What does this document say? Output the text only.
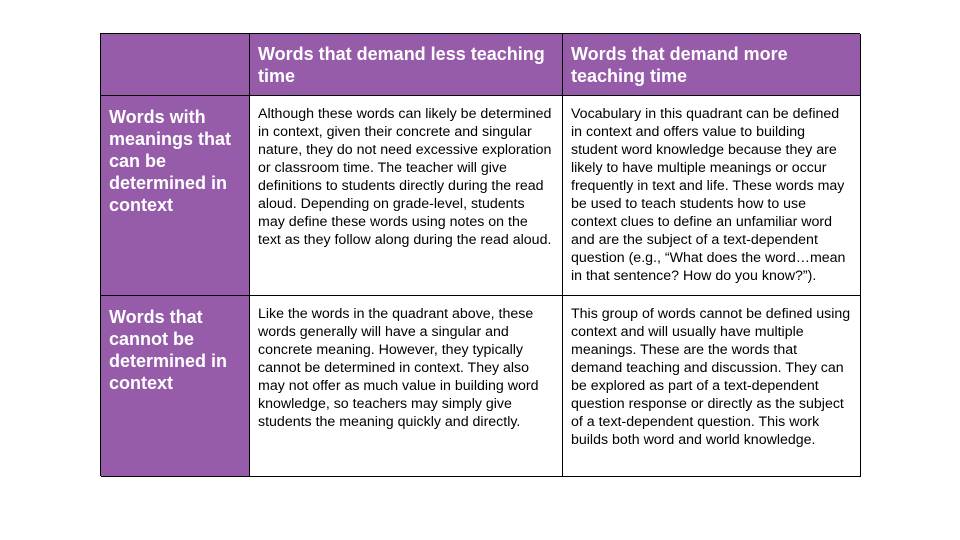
Words that demand less teaching time
Words that demand more teaching time
Words with meanings that can be determined in context
Although these words can likely be determined in context, given their concrete and singular nature, they do not need excessive exploration or classroom time. The teacher will give definitions to students directly during the read aloud. Depending on grade-level, students may define these words using notes on the text as they follow along during the read aloud.
Vocabulary in this quadrant can be defined in context and offers value to building student word knowledge because they are likely to have multiple meanings or occur frequently in text and life. These words may be used to teach students how to use context clues to define an unfamiliar word and are the subject of a text-dependent question (e.g., “What does the word…mean in that sentence? How do you know?”).
Words that cannot be determined in context
Like the words in the quadrant above, these words generally will have a singular and concrete meaning. However, they typically cannot be determined in context. They also may not offer as much value in building word knowledge, so teachers may simply give students the meaning quickly and directly.
This group of words cannot be defined using context and will usually have multiple meanings. These are the words that demand teaching and discussion. They can be explored as part of a text-dependent question response or directly as the subject of a text-dependent question. This work builds both word and world knowledge.
